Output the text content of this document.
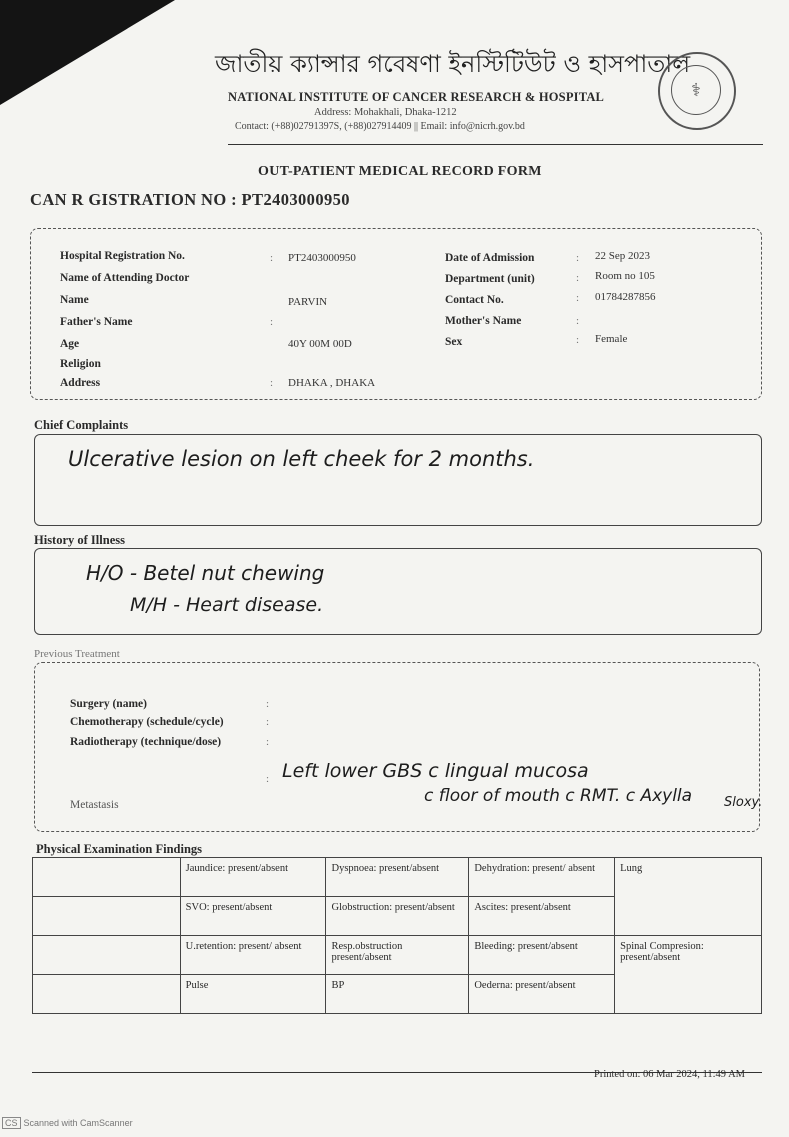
জাতীয় ক্যান্সার গবেষণা ইনস্টিটিউট ও হাসপাতাল
NATIONAL INSTITUTE OF CANCER RESEARCH & HOSPITAL
Address: Mohakhali, Dhaka-1212
Contact: (+88)02791397S, (+88)027914409 || Email: info@nicrh.gov.bd
⚕
OUT-PATIENT MEDICAL RECORD FORM
CAN R GISTRATION NO : PT2403000950
Hospital Registration No.	: PT2403000950
Name of Attending Doctor
Name	PARVIN
Father's Name	:
Age	40Y 00M 00D
Religion
Address	: DHAKA , DHAKA
Date of Admission	: 22 Sep 2023
Department (unit)	: Room no 105
Contact No.	: 01784287856
Mother's Name	:
Sex	: Female
Chief Complaints
Ulcerative lesion on left cheek for 2 months.
History of Illness
H/O - Betel nut chewing
M/H - Heart disease.
Previous Treatment
Surgery (name)	:
Chemotherapy (schedule/cycle)	:
Radiotherapy (technique/dose)	:
Metastasis
: Left lower GBS c lingual mucosa
c floor of mouth c RMT. c Axylla Sloxy.
Physical Examination Findings
	Jaundice: present/absent	Dyspnoea: present/absent	Dehydration: present/ absent	Lung
	SVO: present/absent	Globstruction: present/absent	Ascites: present/absent	
	U.retention: present/ absent	Resp.obstruction present/absent	Bleeding: present/absent	Spinal Compresion: present/absent
	Pulse	BP	Oederna: present/absent	
Printed on: 06 Mar 2024, 11:49 AM
CS Scanned with CamScanner
